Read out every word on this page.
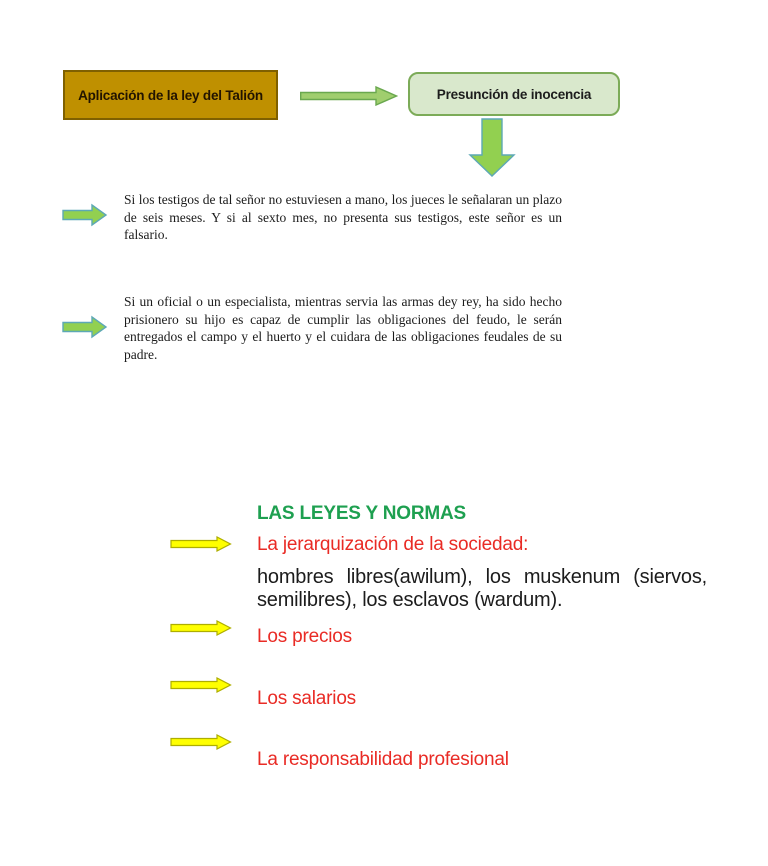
Aplicación de la ley del Talión	Presunción de inocencia
Si los testigos de tal señor no estuviesen a mano, los jueces le señalaran un plazo de seis meses. Y si al sexto mes, no presenta sus testigos, este señor es un falsario.
Si un oficial o un especialista, mientras servia las armas dey rey, ha sido hecho prisionero su hijo es capaz de cumplir las obligaciones del feudo, le serán entregados el campo y el huerto y el cuidara de las obligaciones feudales de su padre.
LAS LEYES Y NORMAS
La jerarquización de la sociedad:
hombres libres(awilum), los muskenum (siervos, semilibres), los esclavos (wardum).
Los precios
Los salarios
La responsabilidad profesional
